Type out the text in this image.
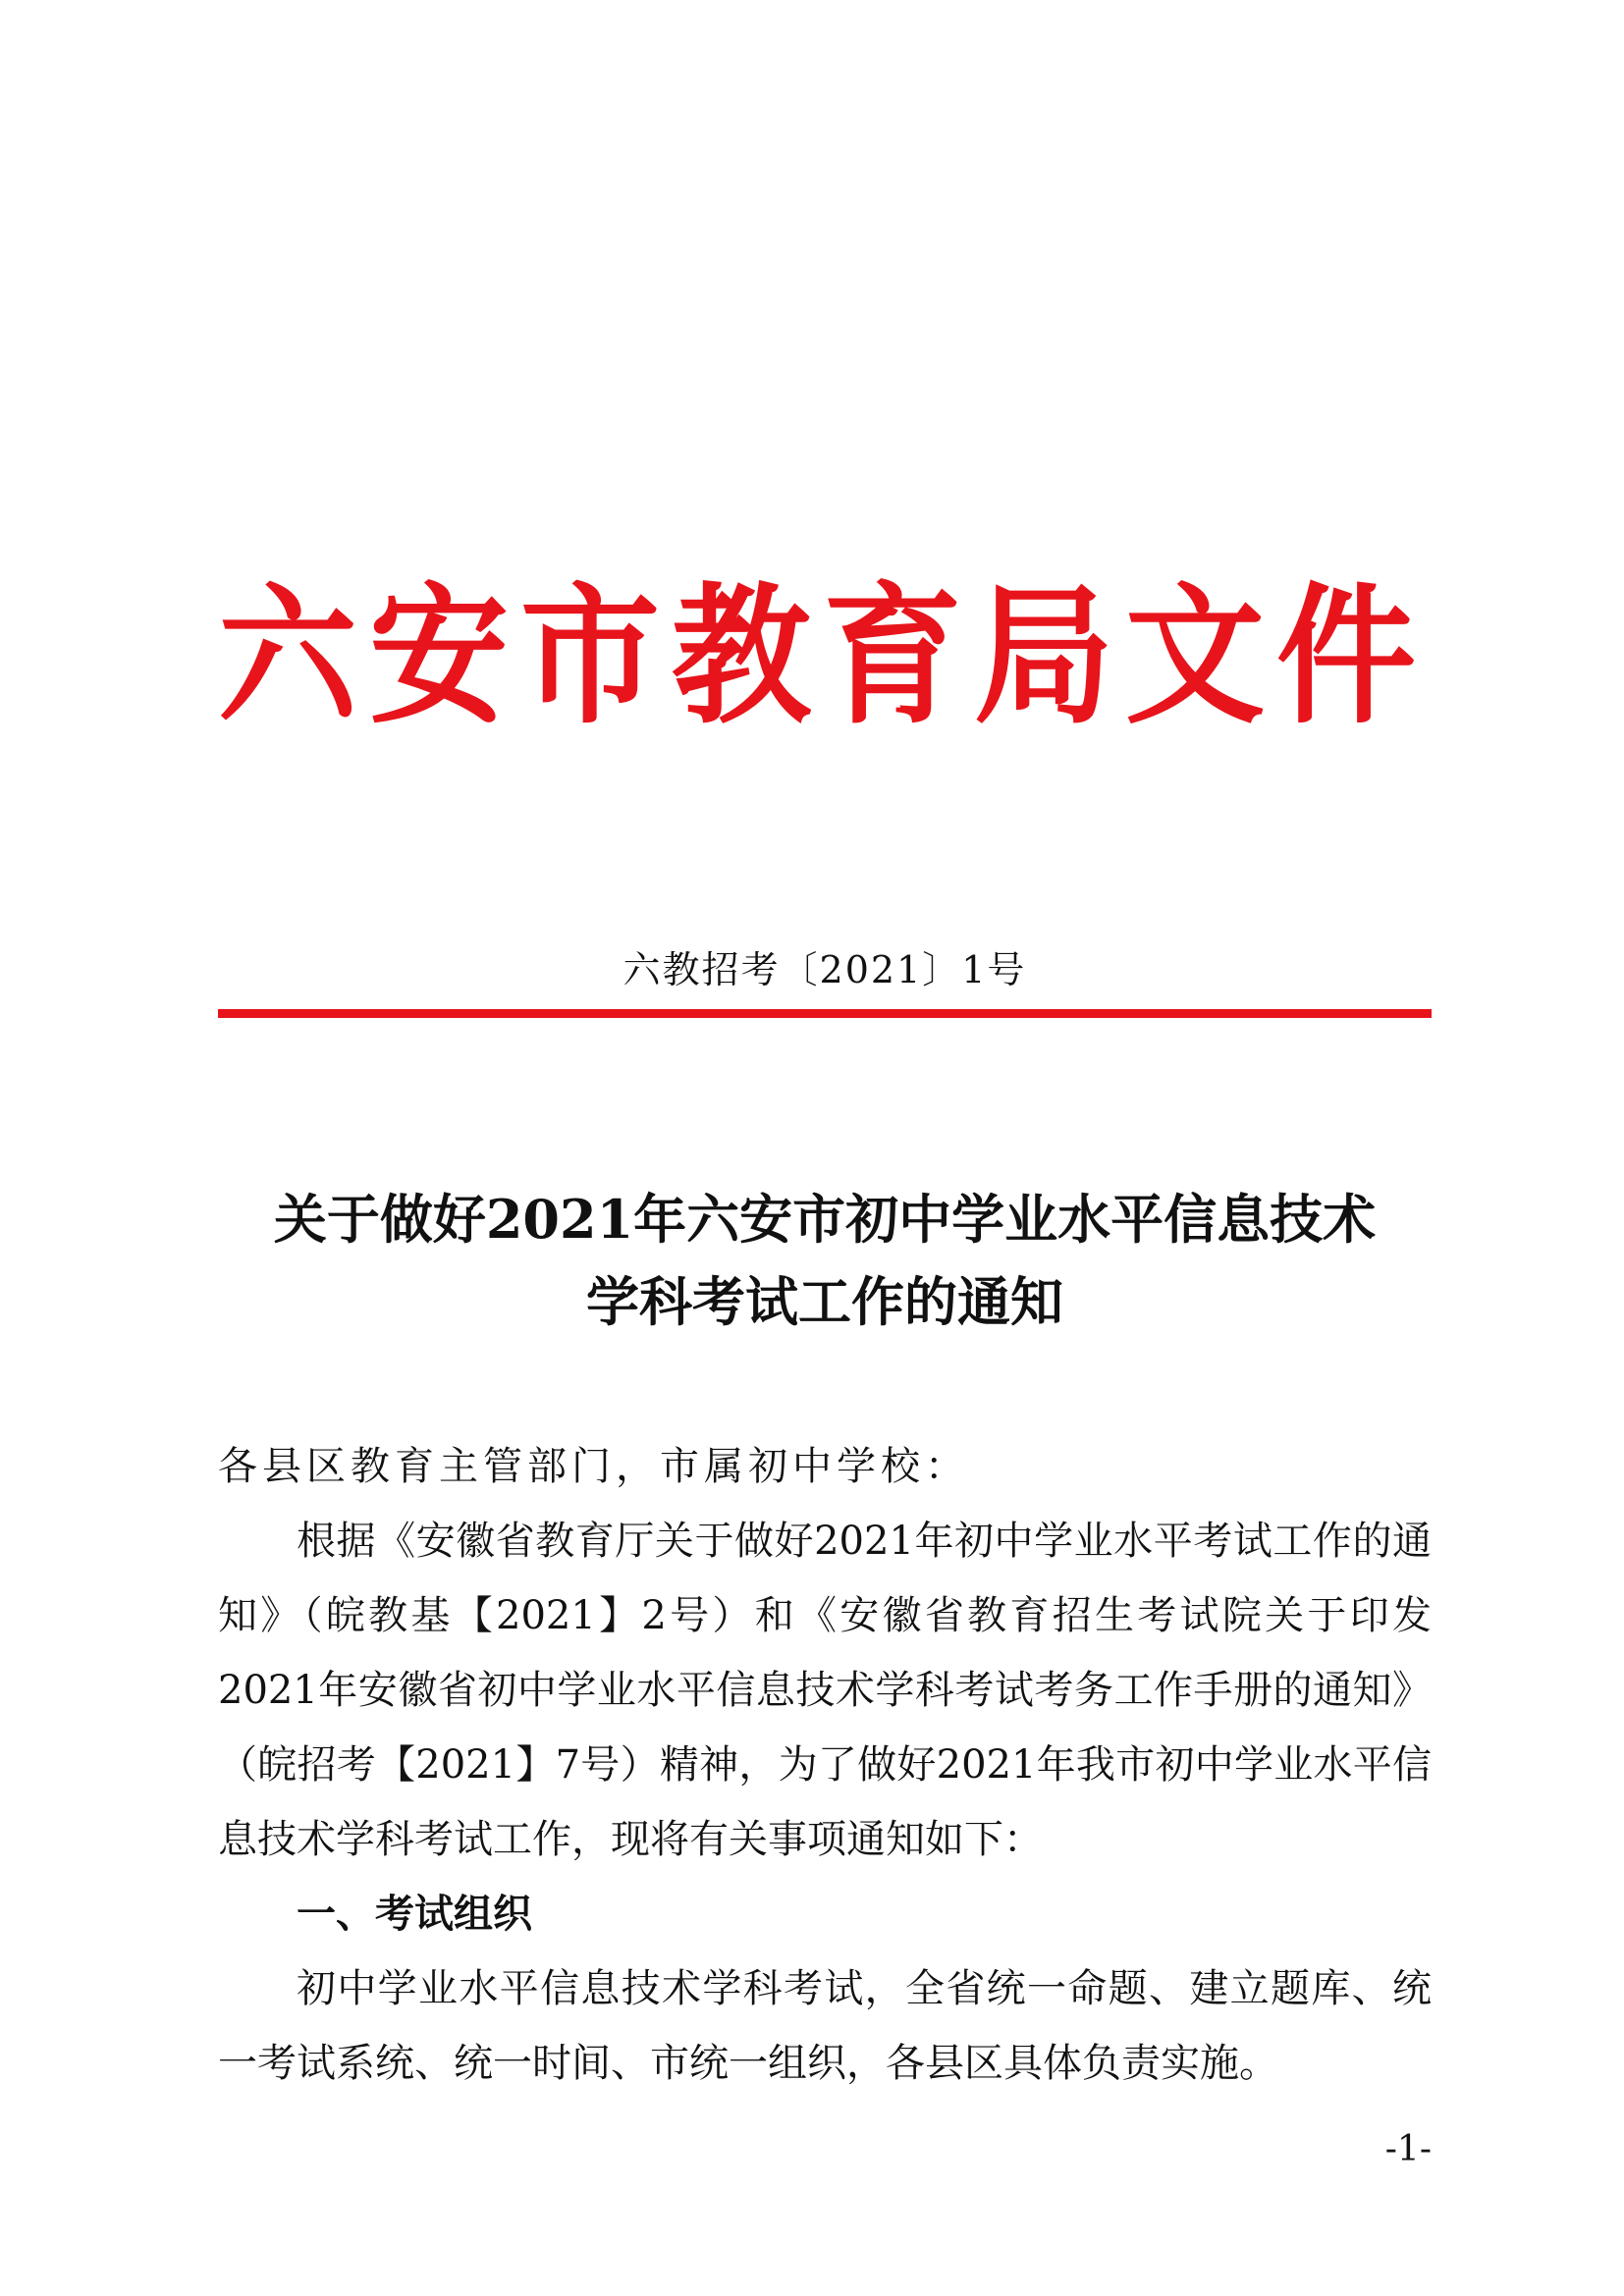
六 安 市 教 育 局 文 件
六教招考〔2021〕1号
关于做好2021年六安市初中学业水平信息技术
学科考试工作的通知

各县区教育主管部门，市属初中学校：

根据《安徽省教育厅关于做好2021年初中学业水平考试工作的通知》（皖教基【2021】2号）和《安徽省教育招生考试院关于印发2021年安徽省初中学业水平信息技术学科考试考务工作手册的通知》（皖招考【2021】7号）精神，为了做好2021年我市初中学业水平信息技术学科考试工作，现将有关事项通知如下：

一、考试组织

初中学业水平信息技术学科考试，全省统一命题、建立题库、统一考试系统、统一时间、市统一组织，各县区具体负责实施。

-1-
